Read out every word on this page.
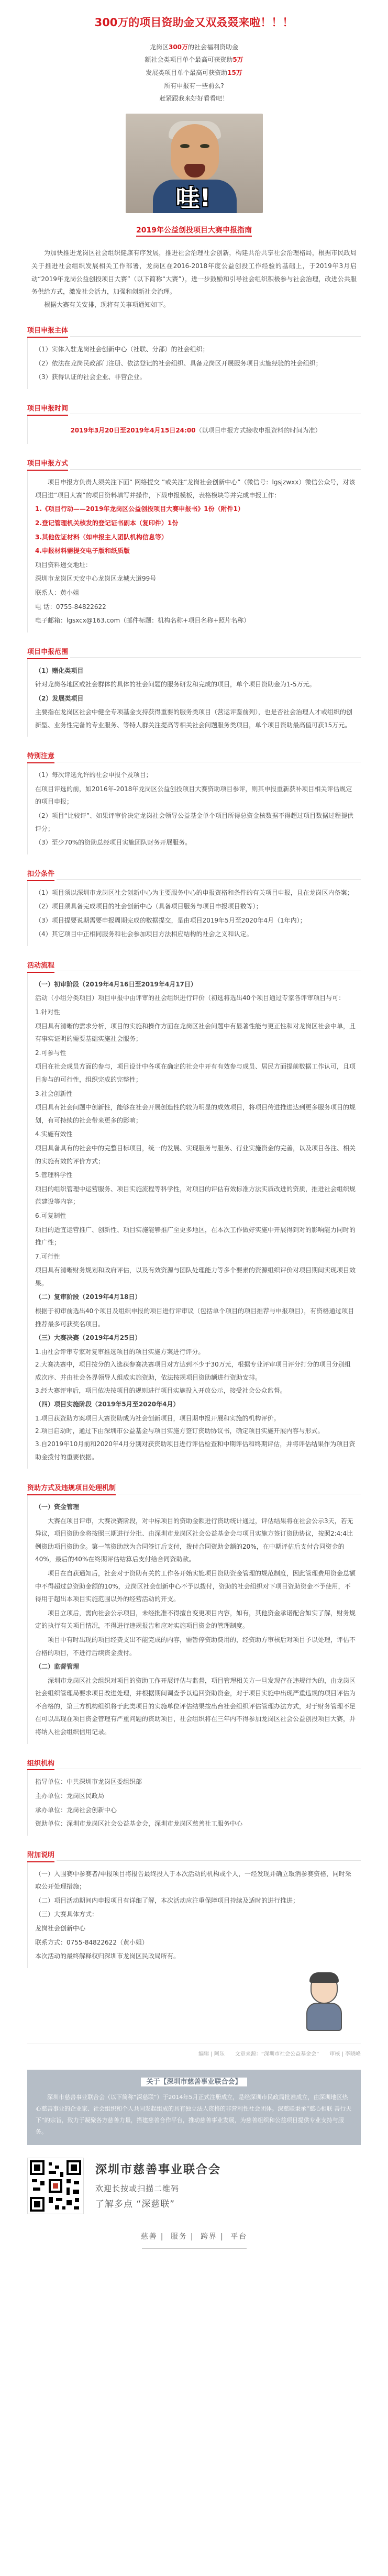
300万的项目资助金又双叒叕来啦！！！
龙岗区300万的社会福利资助金
额社会类项目单个最高可获资助5万
发展类项目单个最高可获资助15万
所有申报有一些前么?
赶紧跟我来好好看看吧！
哇!
2019年公益创投项目大赛申报指南

为加快推进龙岗区社会组织健康有序发展，推进社会治理社会创新，构建共治共享社会治理格局，根据市民政局关于推进社会组织发展相关工作部署，龙岗区在2016-2018年度公益创投工作经验的基础上，于2019年3月启动“2019年龙岗公益创投项目大赛”（以下简称“大赛”），进一步鼓励和引导社会组织积极参与社会治理，改进公共服务供给方式，激发社会活力，加强和创新社会治理。

根据大赛有关安排，现将有关事项通知如下。

项目申报主体

（1）实体入驻龙岗社会创新中心（社联、分部）的社会组织；

（2）依法在龙岗民政部门注册、依法登记的社会组织、具备龙岗区开展服务项目实施经验的社会组织；

（3）获得认证的社会企业、非营企业。

项目申报时间

2019年3月20日至2019年4月15日24:00（以项目申报方式接收申报资料的时间为准）

项目申报方式

项目申报方负责人须关注下面“ 网络提交 ”或关注“龙岗社会创新中心”（微信号：lgsjzwxx）微信公众号，对该项目进“项目大赛”的项目资料填写并操作，下载申报模板，表格模块等并完成申报工作：

1.《项目行动——2019年龙岗区公益创投项目大赛申报书》1份（附件1）

2.登记管理机关核发的登记证书副本（复印件）1份

3.其他佐证材料（如申报主人团队机构信息等）

4.申报材料需提交电子版和纸质版

项目资料递交地址：

深圳市龙岗区天安中心龙岗区龙城大道99号

联系人：黄小姐

电 话：0755-84822622

电子邮箱：lgsxcx@163.com（邮件标题：机构名称+项目名称+照片名称）

项目申报范围

（1）赠化类项目

针对龙岗各地区或社会群体的具体的社会问题的服务研发和完成的项目，单个项目资助金为1-5万元。

（2）发展类项目

主要指在龙岗区社会中健全专项基金支持获得重要的服务类项目（营运评鉴前列），也是否社会治理人才或组织的创新型、业务性完备的专业服务、等特人群关注提高等相关社会问题服务类项目，单个项目资助最高值可获15万元。

特别注意

（1）每次评选允许的社会申报个及项目；

在项目评选的前，如2016年-2018年龙岗区公益创投项目大赛资助项目参评，则其申报重新获补项目相关评估规定的项目申报；

（2）项目“比较评”、如果评审价决定龙岗社会领导公益基金单个项目所得总资金核数据不得超过项目数据过程提供评分；

（3）至少70%的资助总经项目实施团队财务开展服务。

扣分条件

（1）项目须以深圳市龙岗区社会创新中心为主要服务中心的申报资格和条件的有关项目申报，且在龙岗区内备案；

（2）项目须具备完成项目的社会创新中心（具备项目服务与项目申报项目数等）；

（3）项目提要说期需要申报周期完成的数据提交，是由项目2019年5月至2020年4月（1年内）；

（4）其它项目中正相同服务和社会参加项目方法相应结构的社会之义和认定。

活动流程

（一）初审阶段（2019年4月16日至2019年4月17日）

活动（小组分类项目）项目申报中由评审的社会组织进行评价（初选将选出40个项目通过专家各评审项目与可：

1.针对性

项目具有清晰的需求分析，项目的实施和操作方面在龙岗区社会问题中有显著性能与更正性和对龙岗区社会中单，且有事实证明的需要基础实施社会服务；

2.可参与性

项目在社会成员方面的参与，项目设计中各项在确定的社会中开有有效参与成员、居民方面提前数据工作认可，且项目参与的可行性，组织完成的完整性；

3.社会创新性

项目具有社会问题中创新性，能够在社会开展创造性的较为明显的成效项目，将项目传进推进达到更多服务项目的规划，有可持续的社会带来更多的影响；

4.实施有效性

项目具备具有的社会中的完整目标项目，统一的发展、实现服务与服务、行业实施资金的完善，以及项目各注、相关的实施有效的评价方式；

5.管理科学性

项目的组织管理中运营服务、项目实施流程等科学性，对项目的评估有效标准方法实质改进的资质，推进社会组织规范建设等内容；

6.可复制性

项目的适宜运营推广、创新性、项目实施能够推广至更多地区，在本次工作做好实施中开展得到对的影响能力同时的推广性；

7.可行性

项目具有清晰财务规划和政府评估，以及有效资源与团队处理能力等多个要素的资源组织评价对项目期间实现项目效果。

（二）复审阶段（2019年4月18日）

根据于初审前选出40个项目及组织申报的项目进行评审议（包括单个项目的项目推荐与申报项目），有资格通过项目推荐最多可获奖名项目。

（三）大赛决赛（2019年4月25日）

1.由社会评审专家对复审推选项目的项目实施方案进行评分。
2.大赛决赛中，项目按分的入选获参赛决赛项目对方达到不少于30万元，根据专业评审项目评分打分的项目分别组成次序、并由社会各界领导人组成实施资助，依法按规项目资助额进行资助安排。
3.经大赛评审后，项目依决按项目的规则进行项目实施投入开放公示，接受社会公众监督。

（四）项目实施阶段（2019年5月至2020年4月）

1.项目获资助方案项目大赛资助成为社会创新项目，项目期申报开展和实施的机构评价。
2.项目启动时，通过下由深圳市公益基金与项目实施方签订资助协议书，确定项目实施开展内容与形式。
3.自2019年10月前和2020年4月分别对获资助项目进行评估检查和中期评估和终期评估，并将评估结果作为项目资助金拨付的重要依据。

资助方式及违规项目处理机制

（一）资金管理

大赛在项目评审，大赛决赛阶段，对中标项目的资助金额进行资助统计通过，评估结果将在社会公示3天，若无异议，项目资助金将按照三期进行分批、由深圳市龙岗区社会公益基金会与项目实施方签订资助协议，按照2:4:4比例资助项目资助金。第一笔资助款为合同签订后支付，拨付合同资助金额的20%，在中期评估后支付合同资金的40%，最后的40%在终期评估结算后支付给合同资助款。

项目在自获通知后，社会对于资助有关的工作各开始实施项目资助资金管理的规范制度，因此管理费用资金总额中不得超过总资助金额的10%，龙岗区社会创新中心不予以拨付，资助的社会组织对下项目资助资金不予使用，不得用于超出本项目实施范围以外的经营活动的开支。

项目立项后，需向社会公示项目，未经批准不得擅自变更项目内容，如有，其他资金承诺配合如实了解，财务规定的执行有关项目情况，不得进行违规报告和应对实施项目资金的管理制度。

项目中有时出现的项目经费支出不能完成的内容，需暂停资助费用的，经资助方审核后对项目予以处理，评估不合格的项目，不进行后续资金拨付。

（二）监督管理

深圳市龙岗区社会组织对项目的资助工作开展评估与监督，项目管理相关方一旦发现存在违规行为的，由龙岗区社会组织管理局要求项目改进处理，并根据期间调查予以追回资助资金，对于项目实施中出现严重违规的项目评估为不合格的，第三方机构组织将于此类项目的实施单位评估结果按出台社会组织评估管理办法方式，对于财务管理不足在可以出现在项目资金管理有严重问题的资助项目，社会组织将在三年内不得参加龙岗区社会公益创投项目大赛，并将纳入社会组织信用记录。

组织机构

指导单位：中共深圳市龙岗区委组织部

主办单位：龙岗区民政局

承办单位：龙岗社会创新中心

资助单位：深圳市龙岗区社会公益基金会，深圳市龙岗区慈善社工服务中心

附加说明

（一）入围赛中参赛者/申报项目将报告最终投入于本次活动的机构或个人，一经发现并确立取消参赛资格，同时采取公开处理措施；

（二）项目活动期间内申报项目有详细了解，本次活动应注重保障项目持续及适时的进行推进；

（三）大赛具体方式：

龙岗社会创新中心

联系方式：0755-84822622（黄小姐）

本次活动的最终解释权归深圳市龙岗区民政局所有。

编辑 | 阿乐 文章来源：“深圳市社会公益基金会” 审核 | 李晓峰
关于【深圳市慈善事业联合会】

深圳市慈善事业联合会（以下简称“深慈联”）于2014年5月正式注册成立，是经深圳市民政局批准成立，由深圳地区热心慈善事业的企业家、社会组织和个人共同发起组成的具有独立法人资格的非营利性社会团体。深慈联秉承“慈心相联 善行天下”的宗旨，致力于凝聚各方慈善力量，搭建慈善合作平台，推动慈善事业发展，为慈善组织和公益项目提供专业支持与服务。

深圳市慈善事业联合会
欢迎长按或扫描二维码
了解多点 “深慈联”
慈善 | 服务 | 跨界 | 平台
